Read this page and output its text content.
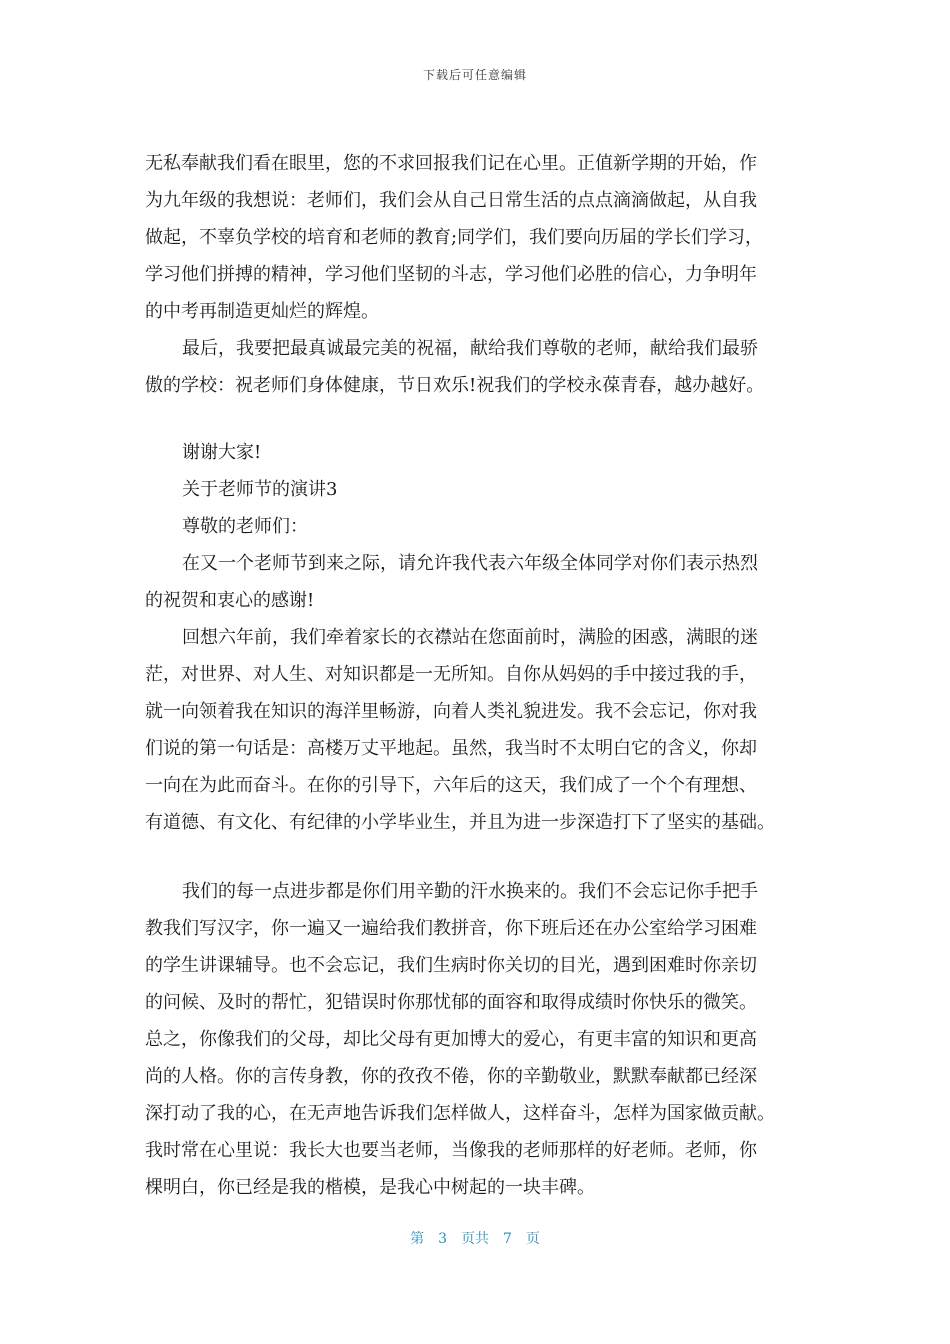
下载后可任意编辑
无私奉献我们看在眼里，您的不求回报我们记在心里。正值新学期的开始，作
为九年级的我想说：老师们，我们会从自己日常生活的点点滴滴做起，从自我
做起，不辜负学校的培育和老师的教育;同学们，我们要向历届的学长们学习，
学习他们拼搏的精神，学习他们坚韧的斗志，学习他们必胜的信心，力争明年
的中考再制造更灿烂的辉煌。
最后，我要把最真诚最完美的祝福，献给我们尊敬的老师，献给我们最骄
傲的学校：祝老师们身体健康，节日欢乐!祝我们的学校永葆青春，越办越好。
谢谢大家!
关于老师节的演讲3
尊敬的老师们：
在又一个老师节到来之际，请允许我代表六年级全体同学对你们表示热烈
的祝贺和衷心的感谢!
回想六年前，我们牵着家长的衣襟站在您面前时，满脸的困惑，满眼的迷
茫，对世界、对人生、对知识都是一无所知。自你从妈妈的手中接过我的手，
就一向领着我在知识的海洋里畅游，向着人类礼貌进发。我不会忘记，你对我
们说的第一句话是：高楼万丈平地起。虽然，我当时不太明白它的含义，你却
一向在为此而奋斗。在你的引导下，六年后的这天，我们成了一个个有理想、
有道德、有文化、有纪律的小学毕业生，并且为进一步深造打下了坚实的基础。
我们的每一点进步都是你们用辛勤的汗水换来的。我们不会忘记你手把手
教我们写汉字，你一遍又一遍给我们教拼音，你下班后还在办公室给学习困难
的学生讲课辅导。也不会忘记，我们生病时你关切的目光，遇到困难时你亲切
的问候、及时的帮忙，犯错误时你那忧郁的面容和取得成绩时你快乐的微笑。
总之，你像我们的父母，却比父母有更加博大的爱心，有更丰富的知识和更高
尚的人格。你的言传身教，你的孜孜不倦，你的辛勤敬业，默默奉献都已经深
深打动了我的心，在无声地告诉我们怎样做人，这样奋斗，怎样为国家做贡献。
我时常在心里说：我长大也要当老师，当像我的老师那样的好老师。老师，你
棵明白，你已经是我的楷模，是我心中树起的一块丰碑。
第 3 页共 7 页
